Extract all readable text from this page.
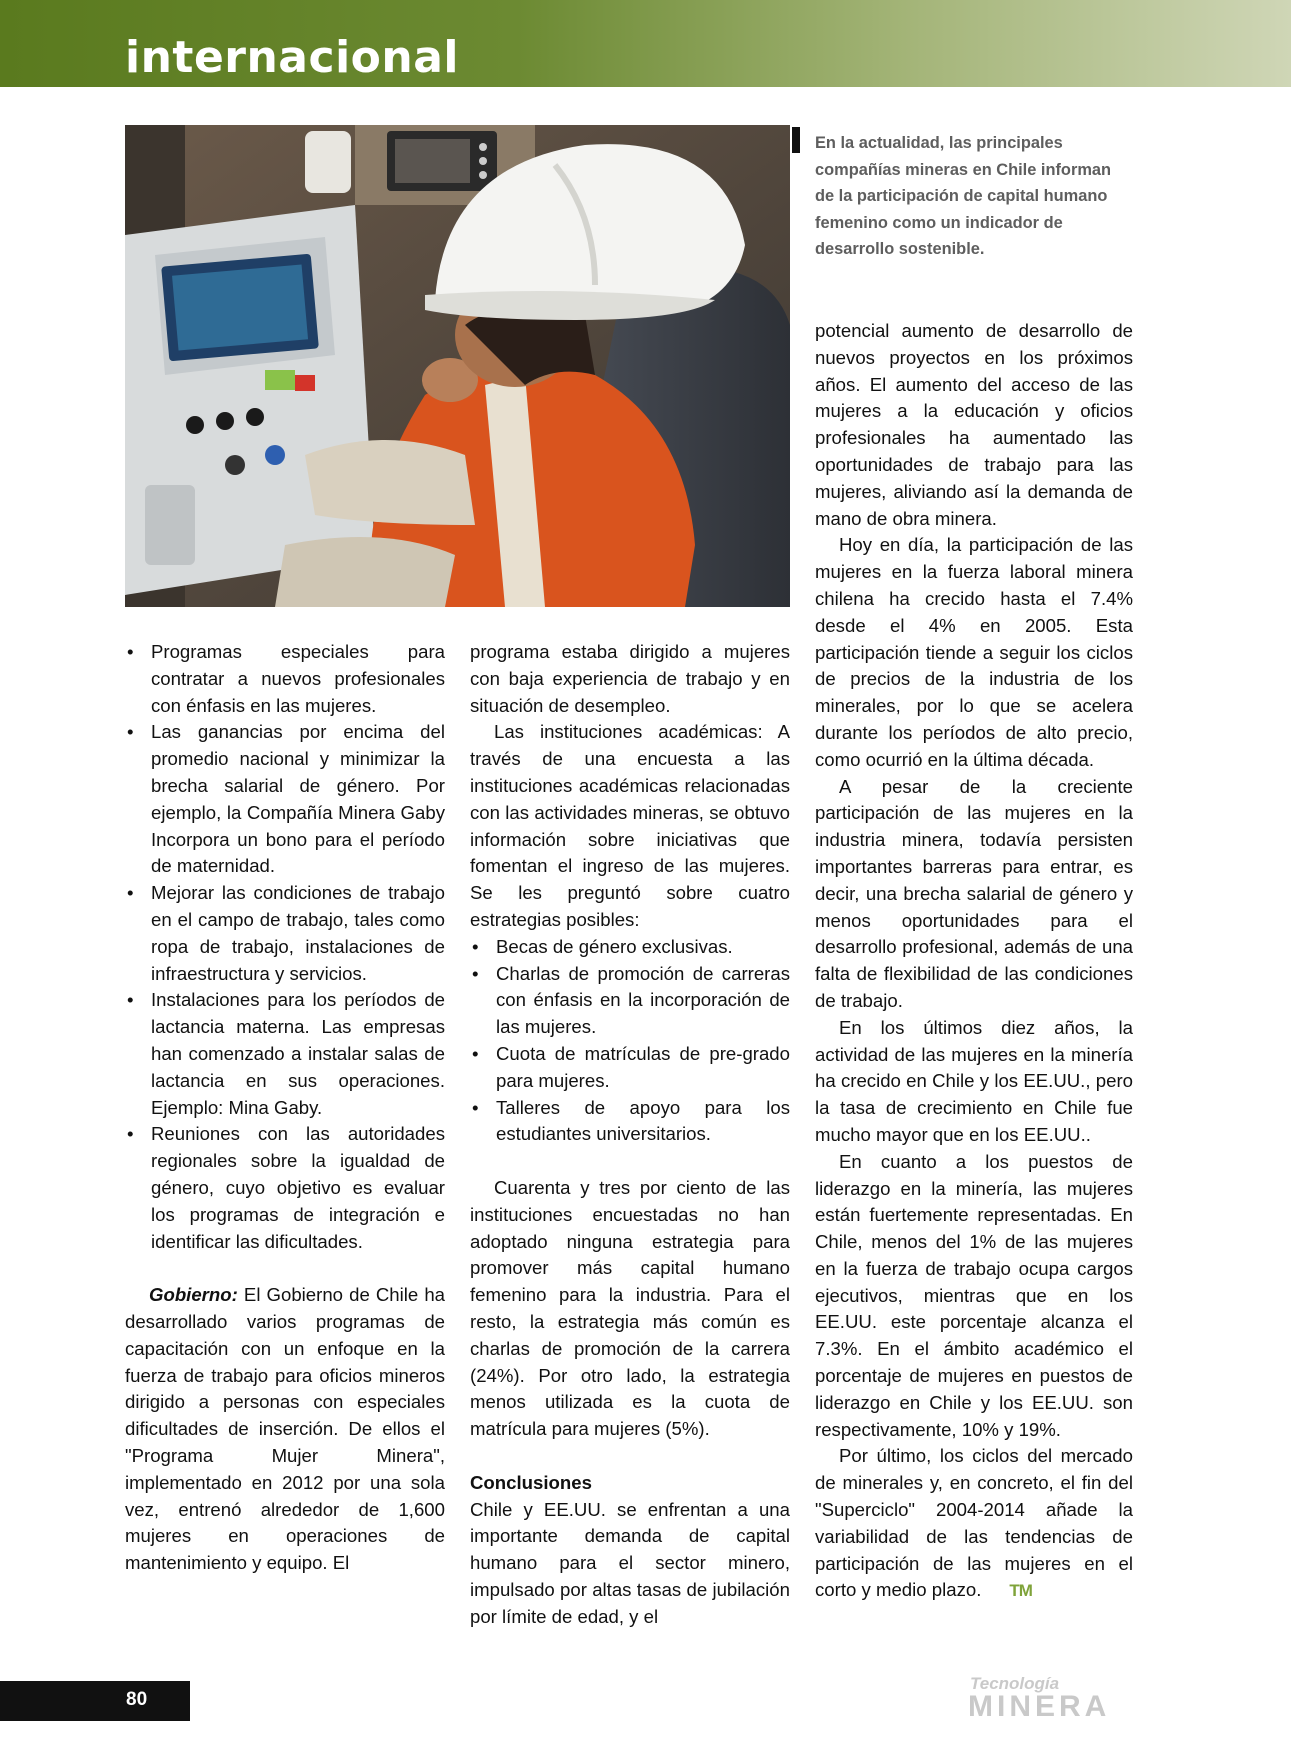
internacional

En la actualidad, las principales compañías mineras en Chile informan de la participación de capital humano femenino como un indicador de desarrollo sostenible.

• Programas especiales para contratar a nuevos profesionales con énfasis en las mujeres.
• Las ganancias por encima del promedio nacional y minimizar la brecha salarial de género. Por ejemplo, la Compañía Minera Gaby Incorpora un bono para el período de maternidad.
• Mejorar las condiciones de trabajo en el campo de trabajo, tales como ropa de trabajo, instalaciones de infraestructura y servicios.
• Instalaciones para los períodos de lactancia materna. Las empresas han comenzado a instalar salas de lactancia en sus operaciones. Ejemplo: Mina Gaby.
• Reuniones con las autoridades regionales sobre la igualdad de género, cuyo objetivo es evaluar los programas de integración e identificar las dificultades.

Gobierno: El Gobierno de Chile ha desarrollado varios programas de capacitación con un enfoque en la fuerza de trabajo para oficios mineros dirigido a personas con especiales dificultades de inserción. De ellos el "Programa Mujer Minera", implementado en 2012 por una sola vez, entrenó alrededor de 1,600 mujeres en operaciones de mantenimiento y equipo. El

programa estaba dirigido a mujeres con baja experiencia de trabajo y en situación de desempleo.

Las instituciones académicas: A través de una encuesta a las instituciones académicas relacionadas con las actividades mineras, se obtuvo información sobre iniciativas que fomentan el ingreso de las mujeres. Se les preguntó sobre cuatro estrategias posibles:

• Becas de género exclusivas.
• Charlas de promoción de carreras con énfasis en la incorporación de las mujeres.
• Cuota de matrículas de pre-grado para mujeres.
• Talleres de apoyo para los estudiantes universitarios.

Cuarenta y tres por ciento de las instituciones encuestadas no han adoptado ninguna estrategia para promover más capital humano femenino para la industria. Para el resto, la estrategia más común es charlas de promoción de la carrera (24%). Por otro lado, la estrategia menos utilizada es la cuota de matrícula para mujeres (5%).

Conclusiones

Chile y EE.UU. se enfrentan a una importante demanda de capital humano para el sector minero, impulsado por altas tasas de jubilación por límite de edad, y el

potencial aumento de desarrollo de nuevos proyectos en los próximos años. El aumento del acceso de las mujeres a la educación y oficios profesionales ha aumentado las oportunidades de trabajo para las mujeres, aliviando así la demanda de mano de obra minera.

Hoy en día, la participación de las mujeres en la fuerza laboral minera chilena ha crecido hasta el 7.4% desde el 4% en 2005. Esta participación tiende a seguir los ciclos de precios de la industria de los minerales, por lo que se acelera durante los períodos de alto precio, como ocurrió en la última década.

A pesar de la creciente participación de las mujeres en la industria minera, todavía persisten importantes barreras para entrar, es decir, una brecha salarial de género y menos oportunidades para el desarrollo profesional, además de una falta de flexibilidad de las condiciones de trabajo.

En los últimos diez años, la actividad de las mujeres en la minería ha crecido en Chile y los EE.UU., pero la tasa de crecimiento en Chile fue mucho mayor que en los EE.UU..

En cuanto a los puestos de liderazgo en la minería, las mujeres están fuertemente representadas. En Chile, menos del 1% de las mujeres en la fuerza de trabajo ocupa cargos ejecutivos, mientras que en los EE.UU. este porcentaje alcanza el 7.3%. En el ámbito académico el porcentaje de mujeres en puestos de liderazgo en Chile y los EE.UU. son respectivamente, 10% y 19%.

Por último, los ciclos del mercado de minerales y, en concreto, el fin del "Superciclo" 2004-2014 añade la variabilidad de las tendencias de participación de las mujeres en el corto y medio plazo. TM

80
Tecnología
MINERA
